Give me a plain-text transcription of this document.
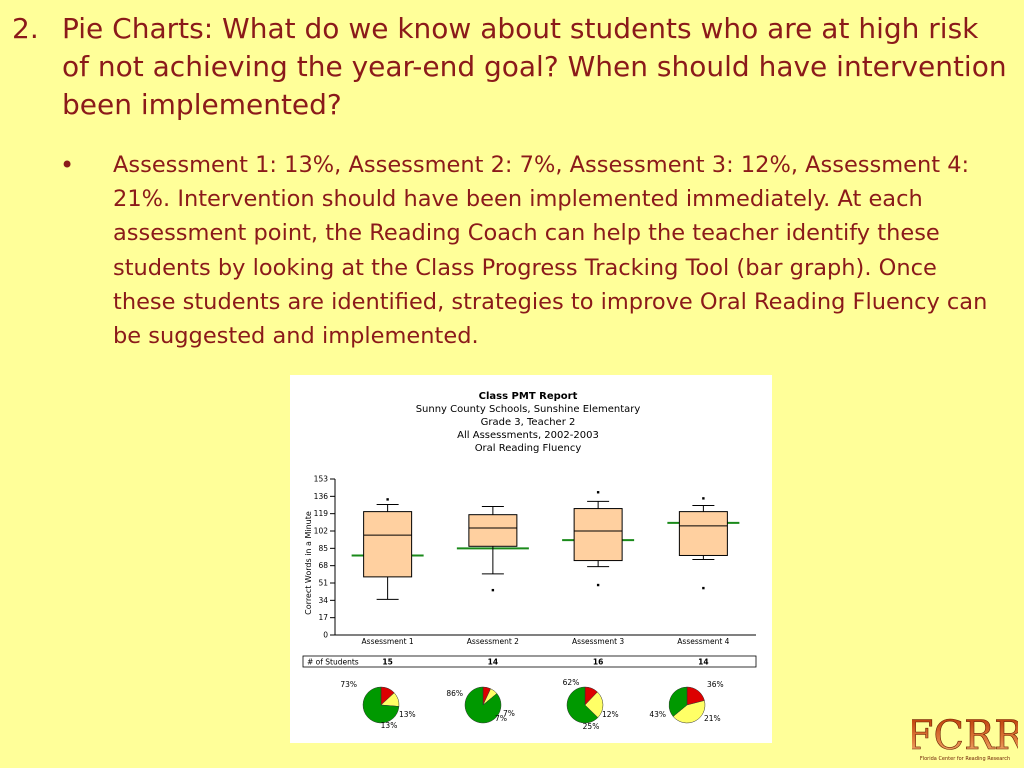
2. Pie Charts: What do we know about students who are at high risk of not achieving the year-end goal? When should have intervention been implemented?
• Assessment 1: 13%, Assessment 2: 7%, Assessment 3: 12%, Assessment 4: 21%. Intervention should have been implemented immediately. At each assessment point, the Reading Coach can help the teacher identify these students by looking at the Class Progress Tracking Tool (bar graph). Once these students are identified, strategies to improve Oral Reading Fluency can be suggested and implemented.
Class PMT Report
Sunny County Schools, Sunshine Elementary
Grade 3, Teacher 2
All Assessments, 2002-2003
Oral Reading Fluency
Correct Words in a Minute
0
17
34
51
68
85
102
119
136
153
Assessment 1	Assessment 2	Assessment 3	Assessment 4
# of Students	15	14	16	14
73%
13%
13%
86%
7%
7%
62%
25%
12%
36%
43%	21%	FCRR
Florida Center for Reading Research
